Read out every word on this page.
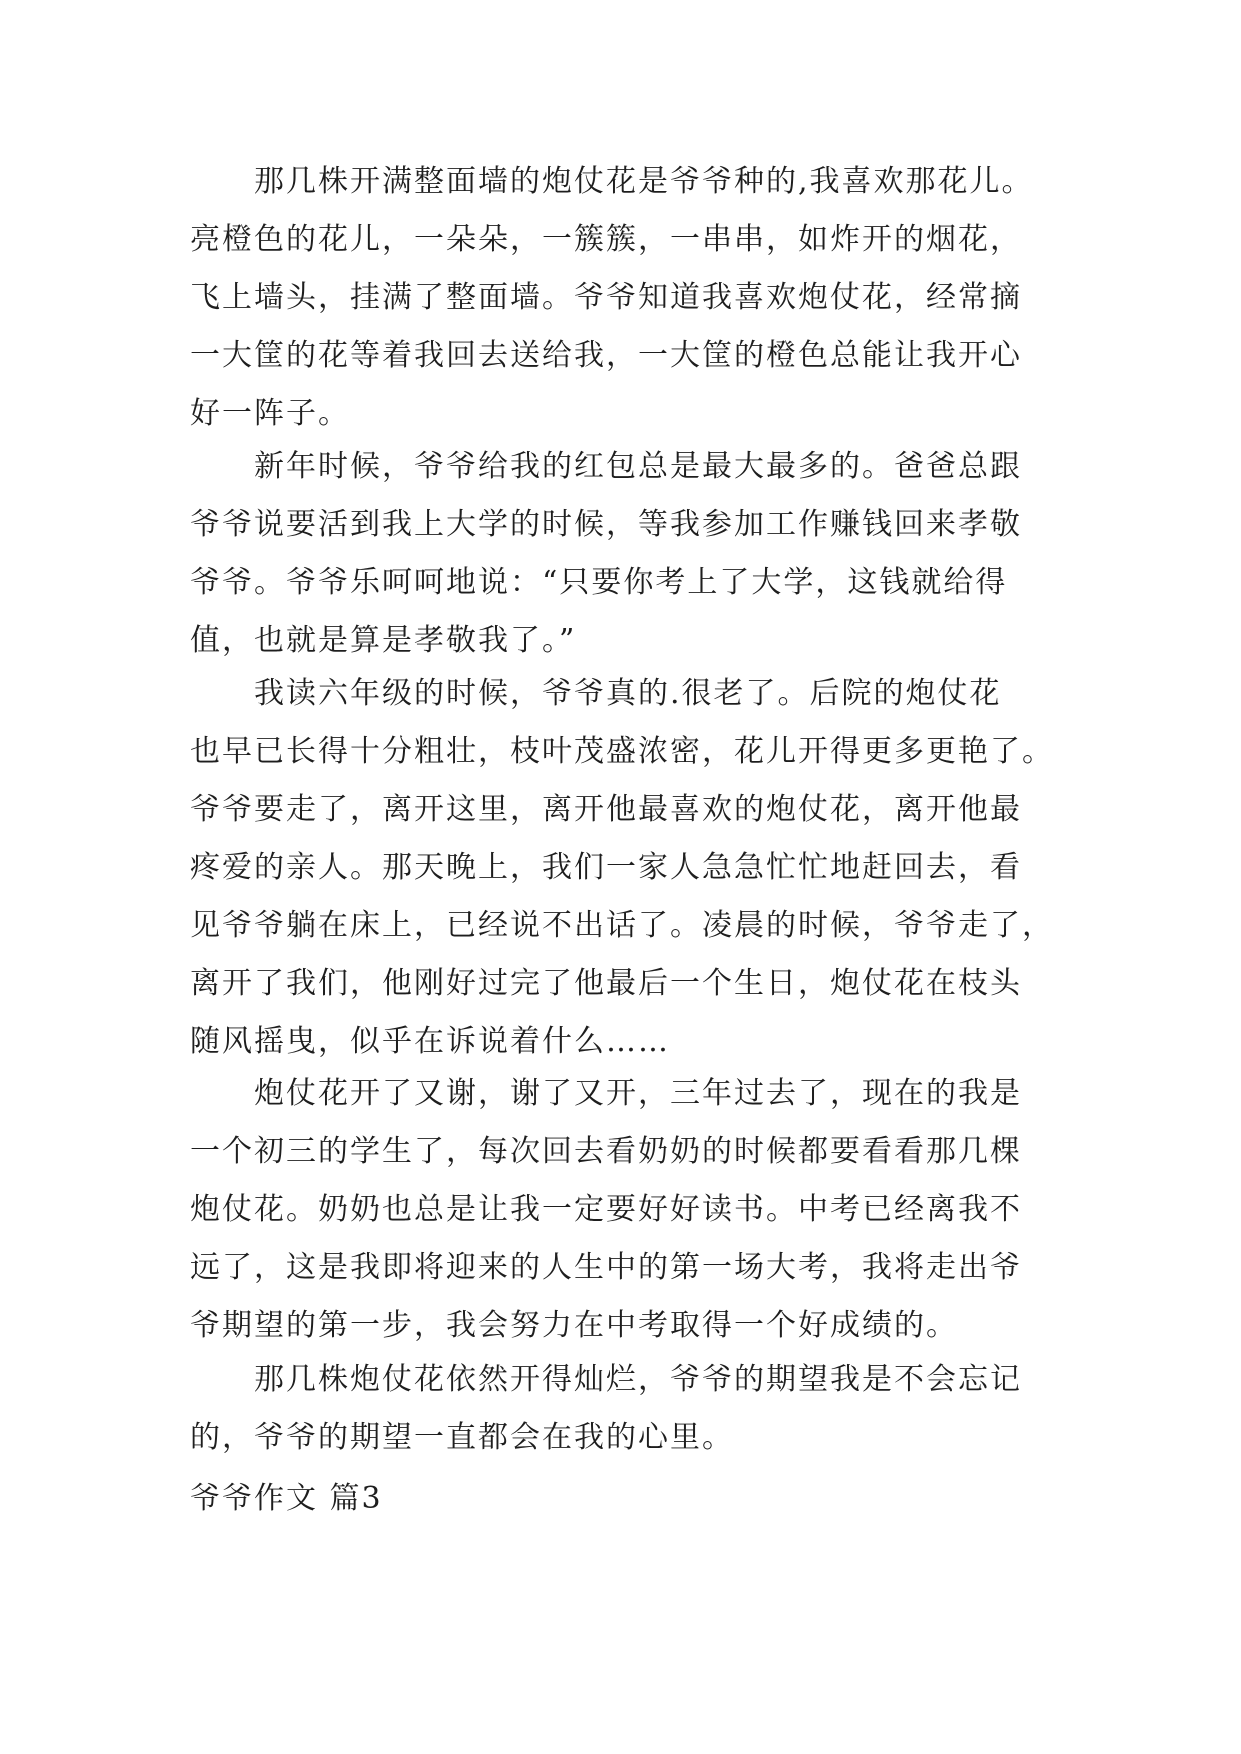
那几株开满整面墙的炮仗花是爷爷种的,我喜欢那花儿。
亮橙色的花儿，一朵朵，一簇簇，一串串，如炸开的烟花，
飞上墙头，挂满了整面墙。爷爷知道我喜欢炮仗花，经常摘
一大筐的花等着我回去送给我，一大筐的橙色总能让我开心
好一阵子。
新年时候，爷爷给我的红包总是最大最多的。爸爸总跟
爷爷说要活到我上大学的时候，等我参加工作赚钱回来孝敬
爷爷。爷爷乐呵呵地说：“只要你考上了大学，这钱就给得
值，也就是算是孝敬我了。”
我读六年级的时候，爷爷真的.很老了。后院的炮仗花
也早已长得十分粗壮，枝叶茂盛浓密，花儿开得更多更艳了。
爷爷要走了，离开这里，离开他最喜欢的炮仗花，离开他最
疼爱的亲人。那天晚上，我们一家人急急忙忙地赶回去，看
见爷爷躺在床上，已经说不出话了。凌晨的时候，爷爷走了，
离开了我们，他刚好过完了他最后一个生日，炮仗花在枝头
随风摇曳，似乎在诉说着什么……
炮仗花开了又谢，谢了又开，三年过去了，现在的我是
一个初三的学生了，每次回去看奶奶的时候都要看看那几棵
炮仗花。奶奶也总是让我一定要好好读书。中考已经离我不
远了，这是我即将迎来的人生中的第一场大考，我将走出爷
爷期望的第一步，我会努力在中考取得一个好成绩的。
那几株炮仗花依然开得灿烂，爷爷的期望我是不会忘记
的，爷爷的期望一直都会在我的心里。
爷爷作文 篇3
